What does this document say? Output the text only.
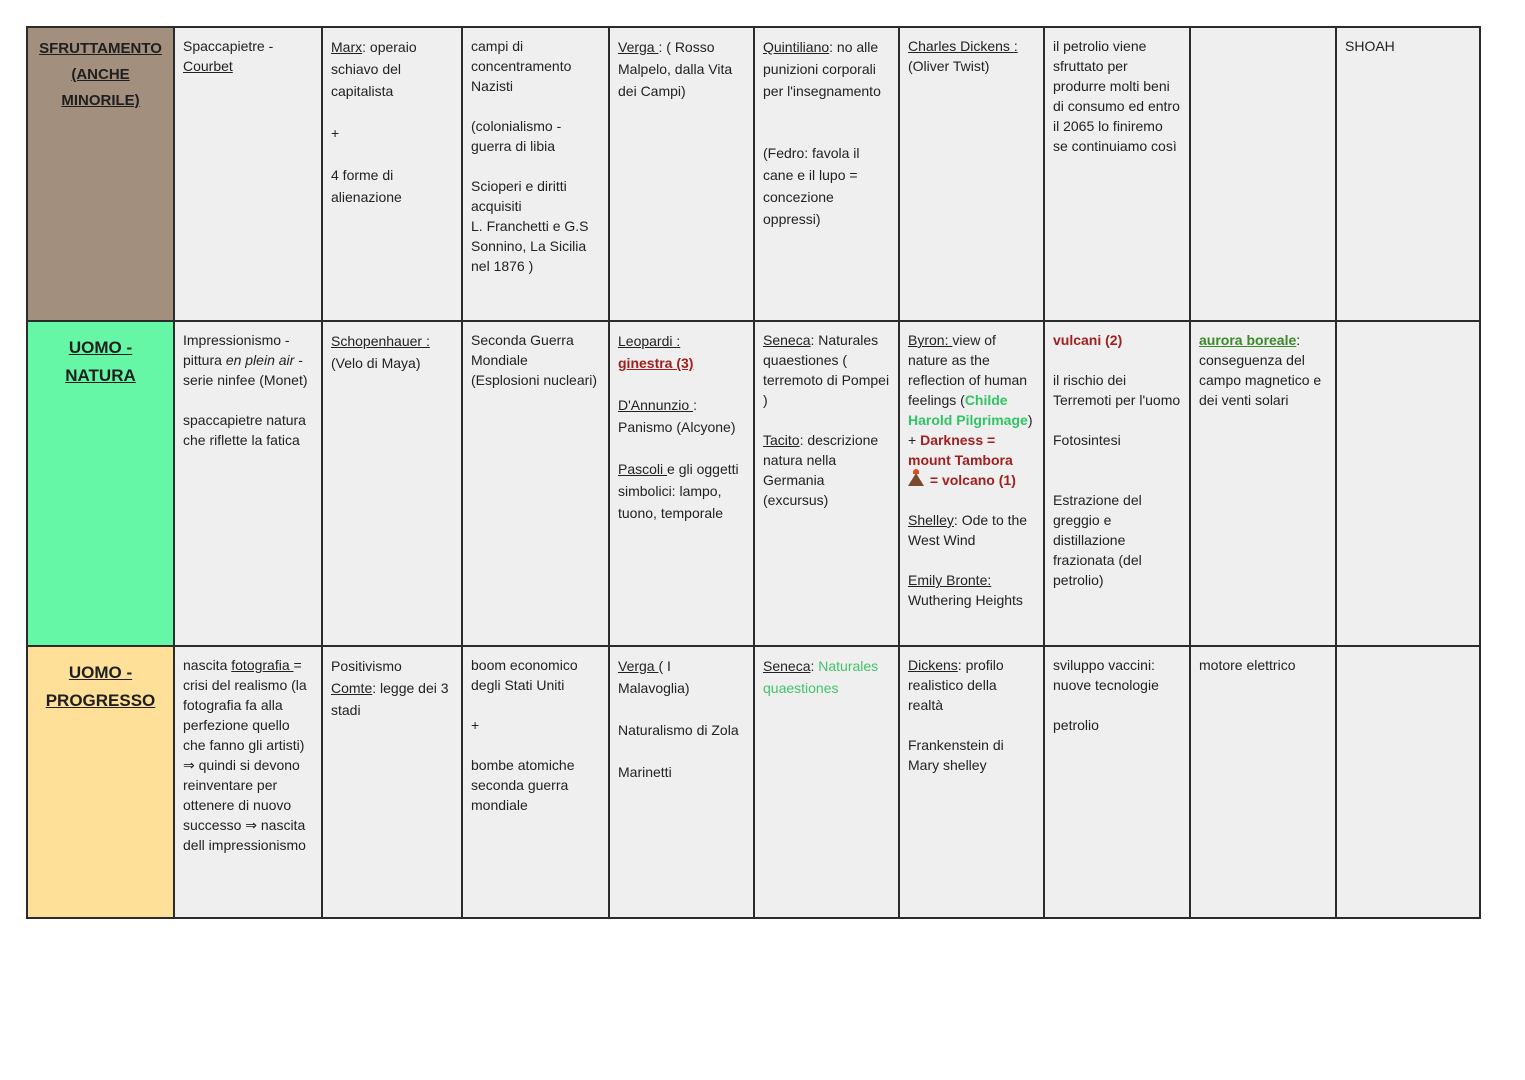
SFRUTTAMENTO
(ANCHE
MINORILE)	Spaccapietre -
Courbet	Marx: operaio schiavo del capitalista
+
4 forme di alienazione	campi di concentramento Nazisti
(colonialismo - guerra di libia
Scioperi e diritti acquisiti
L. Franchetti e G.S Sonnino, La Sicilia nel 1876 )	Verga : ( Rosso Malpelo, dalla Vita dei Campi)	Quintiliano: no alle punizioni corporali per l'insegnamento
(Fedro: favola il cane e il lupo = concezione oppressi)	Charles Dickens :
(Oliver Twist)	il petrolio viene sfruttato per produrre molti beni di consumo ed entro il 2065 lo finiremo se continuiamo così		SHOAH

UOMO -
NATURA	Impressionismo - pittura en plein air - serie ninfee (Monet)
spaccapietre natura che riflette la fatica	Schopenhauer :
(Velo di Maya)	Seconda Guerra Mondiale (Esplosioni nucleari)	Leopardi :
ginestra (3)
D'Annunzio : Panismo (Alcyone)
Pascoli e gli oggetti simbolici: lampo, tuono, temporale	Seneca: Naturales quaestiones ( terremoto di Pompei )
Tacito: descrizione natura nella Germania (excursus)	Byron: view of nature as the reflection of human feelings (Childe Harold Pilgrimage) + Darkness = mount Tambora
= volcano (1)
Shelley: Ode to the West Wind
Emily Bronte:
Wuthering Heights	vulcani (2)
il rischio dei Terremoti per l'uomo
Fotosintesi
Estrazione del greggio e distillazione frazionata (del petrolio)	aurora boreale: conseguenza del campo magnetico e dei venti solari	

UOMO -
PROGRESSO	nascita fotografia = crisi del realismo (la fotografia fa alla perfezione quello che fanno gli artisti) ⇒ quindi si devono reinventare per ottenere di nuovo successo ⇒ nascita dell impressionismo	Positivismo
Comte: legge dei 3 stadi	boom economico degli Stati Uniti
+
bombe atomiche seconda guerra mondiale	Verga ( I Malavoglia)
Naturalismo di Zola
Marinetti	Seneca: Naturales quaestiones	Dickens: profilo realistico della realtà
Frankenstein di Mary shelley	sviluppo vaccini: nuove tecnologie
petrolio	motore elettrico	
